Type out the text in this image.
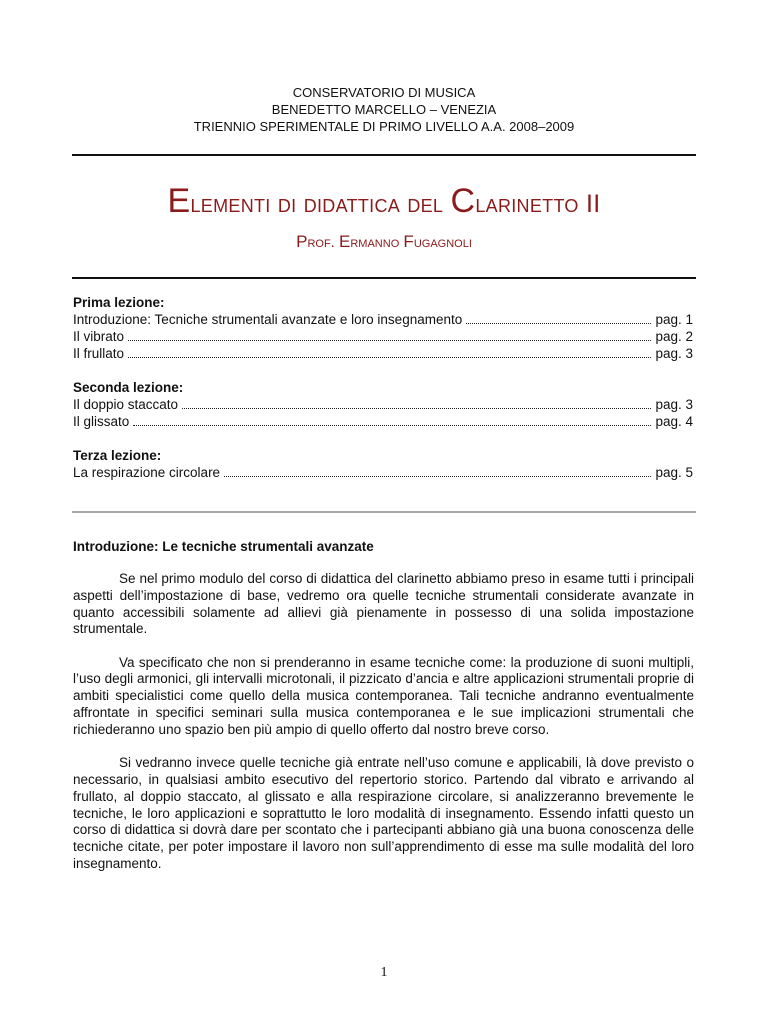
CONSERVATORIO DI MUSICA
BENEDETTO MARCELLO – VENEZIA
TRIENNIO SPERIMENTALE DI PRIMO LIVELLO A.A. 2008–2009
Elementi di didattica del Clarinetto II
Prof. Ermanno Fugagnoli
Prima lezione:
Introduzione: Tecniche strumentali avanzate e loro insegnamento	pag. 1
Il vibrato	pag. 2
Il frullato	pag. 3
Seconda lezione:
Il doppio staccato	pag. 3
Il glissato	pag. 4
Terza lezione:
La respirazione circolare	pag. 5
Introduzione: Le tecniche strumentali avanzate

Se nel primo modulo del corso di didattica del clarinetto abbiamo preso in esame tutti i principali aspetti dell’impostazione di base, vedremo ora quelle tecniche strumentali considerate avanzate in quanto accessibili solamente ad allievi già pienamente in possesso di una solida impostazione strumentale.

Va specificato che non si prenderanno in esame tecniche come: la produzione di suoni multipli, l’uso degli armonici, gli intervalli microtonali, il pizzicato d’ancia e altre applicazioni strumentali proprie di ambiti specialistici come quello della musica contemporanea. Tali tecniche andranno eventualmente affrontate in specifici seminari sulla musica contemporanea e le sue implicazioni strumentali che richiederanno uno spazio ben più ampio di quello offerto dal nostro breve corso.

Si vedranno invece quelle tecniche già entrate nell’uso comune e applicabili, là dove previsto o necessario, in qualsiasi ambito esecutivo del repertorio storico. Partendo dal vibrato e arrivando al frullato, al doppio staccato, al glissato e alla respirazione circolare, si analizzeranno brevemente le tecniche, le loro applicazioni e soprattutto le loro modalità di insegnamento. Essendo infatti questo un corso di didattica si dovrà dare per scontato che i partecipanti abbiano già una buona conoscenza delle tecniche citate, per poter impostare il lavoro non sull’apprendimento di esse ma sulle modalità del loro insegnamento.

1
